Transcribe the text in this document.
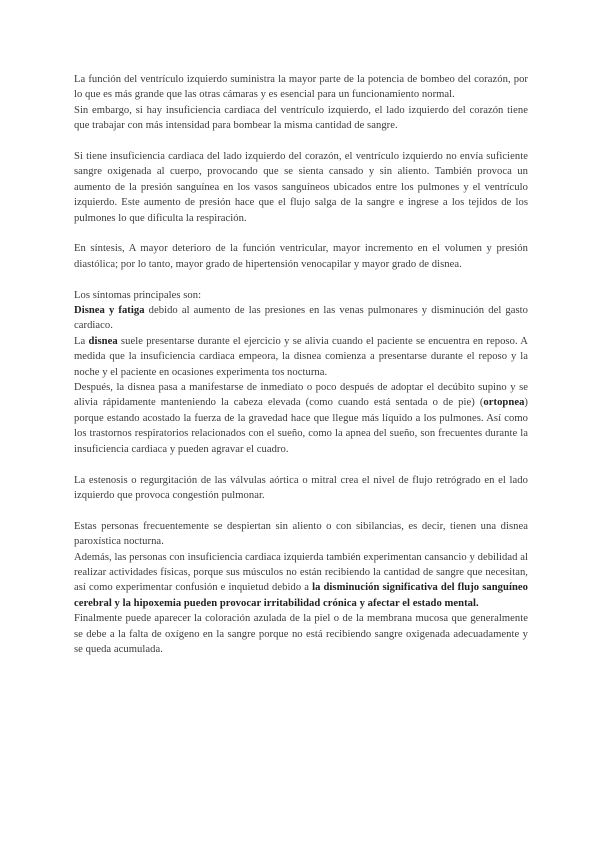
La función del ventrículo izquierdo suministra la mayor parte de la potencia de bombeo del corazón, por lo que es más grande que las otras cámaras y es esencial para un funcionamiento normal.

Sin embargo, si hay insuficiencia cardiaca del ventrículo izquierdo, el lado izquierdo del corazón tiene que trabajar con más intensidad para bombear la misma cantidad de sangre.

Si tiene insuficiencia cardiaca del lado izquierdo del corazón, el ventrículo izquierdo no envía suficiente sangre oxigenada al cuerpo, provocando que se sienta cansado y sin aliento. También provoca un aumento de la presión sanguínea en los vasos sanguíneos ubicados entre los pulmones y el ventrículo izquierdo. Este aumento de presión hace que el flujo salga de la sangre e ingrese a los tejidos de los pulmones lo que dificulta la respiración.

En síntesis, A mayor deterioro de la función ventricular, mayor incremento en el volumen y presión diastólica; por lo tanto, mayor grado de hipertensión venocapilar y mayor grado de disnea.

Los síntomas principales son:

Disnea y fatiga debido al aumento de las presiones en las venas pulmonares y disminución del gasto cardiaco.

La disnea suele presentarse durante el ejercicio y se alivia cuando el paciente se encuentra en reposo. A medida que la insuficiencia cardiaca empeora, la disnea comienza a presentarse durante el reposo y la noche y el paciente en ocasiones experimenta tos nocturna.

Después, la disnea pasa a manifestarse de inmediato o poco después de adoptar el decúbito supino y se alivia rápidamente manteniendo la cabeza elevada (como cuando está sentada o de pie) (ortopnea) porque estando acostado la fuerza de la gravedad hace que llegue más líquido a los pulmones. Así como los trastornos respiratorios relacionados con el sueño, como la apnea del sueño, son frecuentes durante la insuficiencia cardiaca y pueden agravar el cuadro.

La estenosis o regurgitación de las válvulas aórtica o mitral crea el nivel de flujo retrógrado en el lado izquierdo que provoca congestión pulmonar.

Estas personas frecuentemente se despiertan sin aliento o con sibilancias, es decir, tienen una disnea paroxística nocturna.

Además, las personas con insuficiencia cardiaca izquierda también experimentan cansancio y debilidad al realizar actividades físicas, porque sus músculos no están recibiendo la cantidad de sangre que necesitan, así como experimentar confusión e inquietud debido a la disminución significativa del flujo sanguíneo cerebral y la hipoxemia pueden provocar irritabilidad crónica y afectar el estado mental.

Finalmente puede aparecer la coloración azulada de la piel o de la membrana mucosa que generalmente se debe a la falta de oxígeno en la sangre porque no está recibiendo sangre oxigenada adecuadamente y se queda acumulada.
